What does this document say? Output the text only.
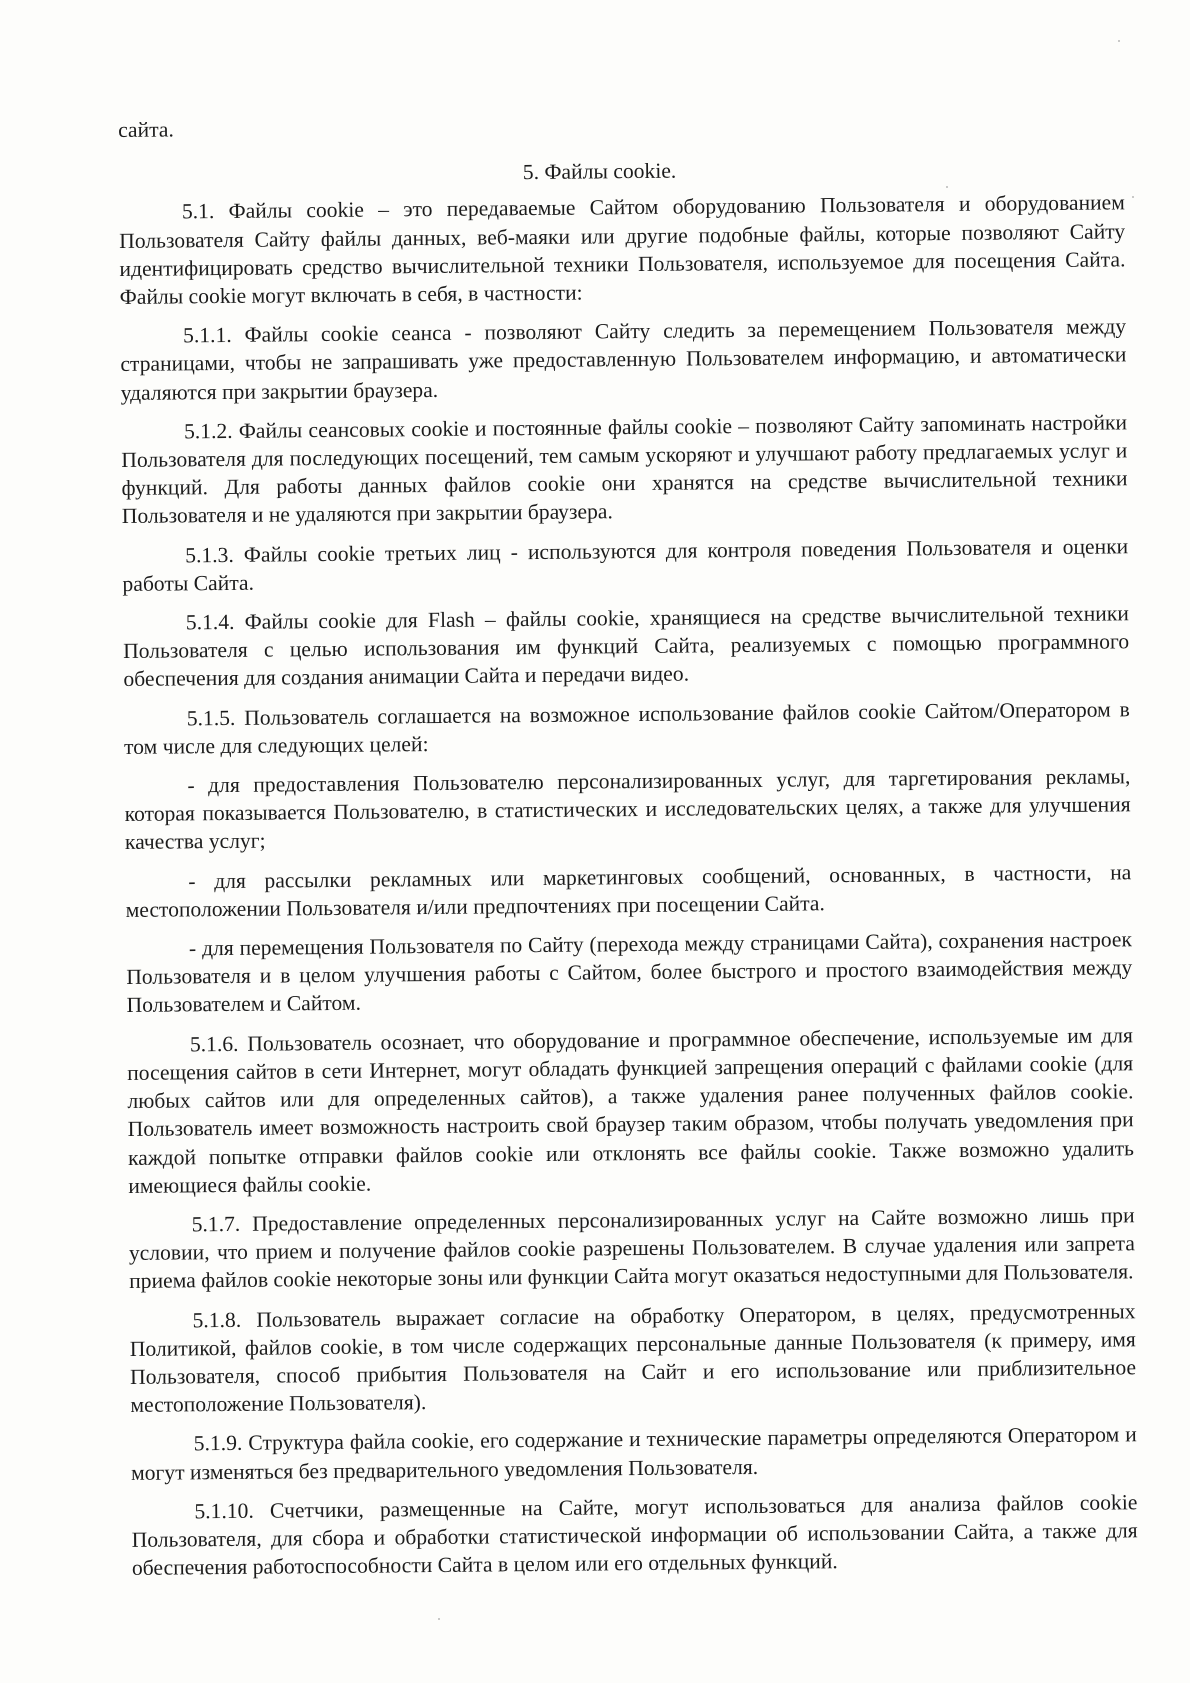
сайта.

5. Файлы cookie.

5.1. Файлы cookie – это передаваемые Сайтом оборудованию Пользователя и оборудованием Пользователя Сайту файлы данных, веб-маяки или другие подобные файлы, которые позволяют Сайту идентифицировать средство вычислительной техники Пользователя, используемое для посещения Сайта. Файлы cookie могут включать в себя, в частности:

5.1.1. Файлы cookie сеанса - позволяют Сайту следить за перемещением Пользователя между страницами, чтобы не запрашивать уже предоставленную Пользователем информацию, и автоматически удаляются при закрытии браузера.

5.1.2. Файлы сеансовых cookie и постоянные файлы cookie – позволяют Сайту запоминать настройки Пользователя для последующих посещений, тем самым ускоряют и улучшают работу предлагаемых услуг и функций. Для работы данных файлов cookie они хранятся на средстве вычислительной техники Пользователя и не удаляются при закрытии браузера.

5.1.3. Файлы cookie третьих лиц - используются для контроля поведения Пользователя и оценки работы Сайта.

5.1.4. Файлы cookie для Flash – файлы cookie, хранящиеся на средстве вычислительной техники Пользователя с целью использования им функций Сайта, реализуемых с помощью программного обеспечения для создания анимации Сайта и передачи видео.

5.1.5. Пользователь соглашается на возможное использование файлов cookie Сайтом/Оператором в том числе для следующих целей:

- для предоставления Пользователю персонализированных услуг, для таргетирования рекламы, которая показывается Пользователю, в статистических и исследовательских целях, а также для улучшения качества услуг;

- для рассылки рекламных или маркетинговых сообщений, основанных, в частности, на местоположении Пользователя и/или предпочтениях при посещении Сайта.

- для перемещения Пользователя по Сайту (перехода между страницами Сайта), сохранения настроек Пользователя и в целом улучшения работы с Сайтом, более быстрого и простого взаимодействия между Пользователем и Сайтом.

5.1.6. Пользователь осознает, что оборудование и программное обеспечение, используемые им для посещения сайтов в сети Интернет, могут обладать функцией запрещения операций с файлами cookie (для любых сайтов или для определенных сайтов), а также удаления ранее полученных файлов cookie. Пользователь имеет возможность настроить свой браузер таким образом, чтобы получать уведомления при каждой попытке отправки файлов cookie или отклонять все файлы cookie. Также возможно удалить имеющиеся файлы cookie.

5.1.7. Предоставление определенных персонализированных услуг на Сайте возможно лишь при условии, что прием и получение файлов cookie разрешены Пользователем. В случае удаления или запрета приема файлов cookie некоторые зоны или функции Сайта могут оказаться недоступными для Пользователя.

5.1.8. Пользователь выражает согласие на обработку Оператором, в целях, предусмотренных Политикой, файлов cookie, в том числе содержащих персональные данные Пользователя (к примеру, имя Пользователя, способ прибытия Пользователя на Сайт и его использование или приблизительное местоположение Пользователя).

5.1.9. Структура файла cookie, его содержание и технические параметры определяются Оператором и могут изменяться без предварительного уведомления Пользователя.

5.1.10. Счетчики, размещенные на Сайте, могут использоваться для анализа файлов cookie Пользователя, для сбора и обработки статистической информации об использовании Сайта, а также для обеспечения работоспособности Сайта в целом или его отдельных функций.
